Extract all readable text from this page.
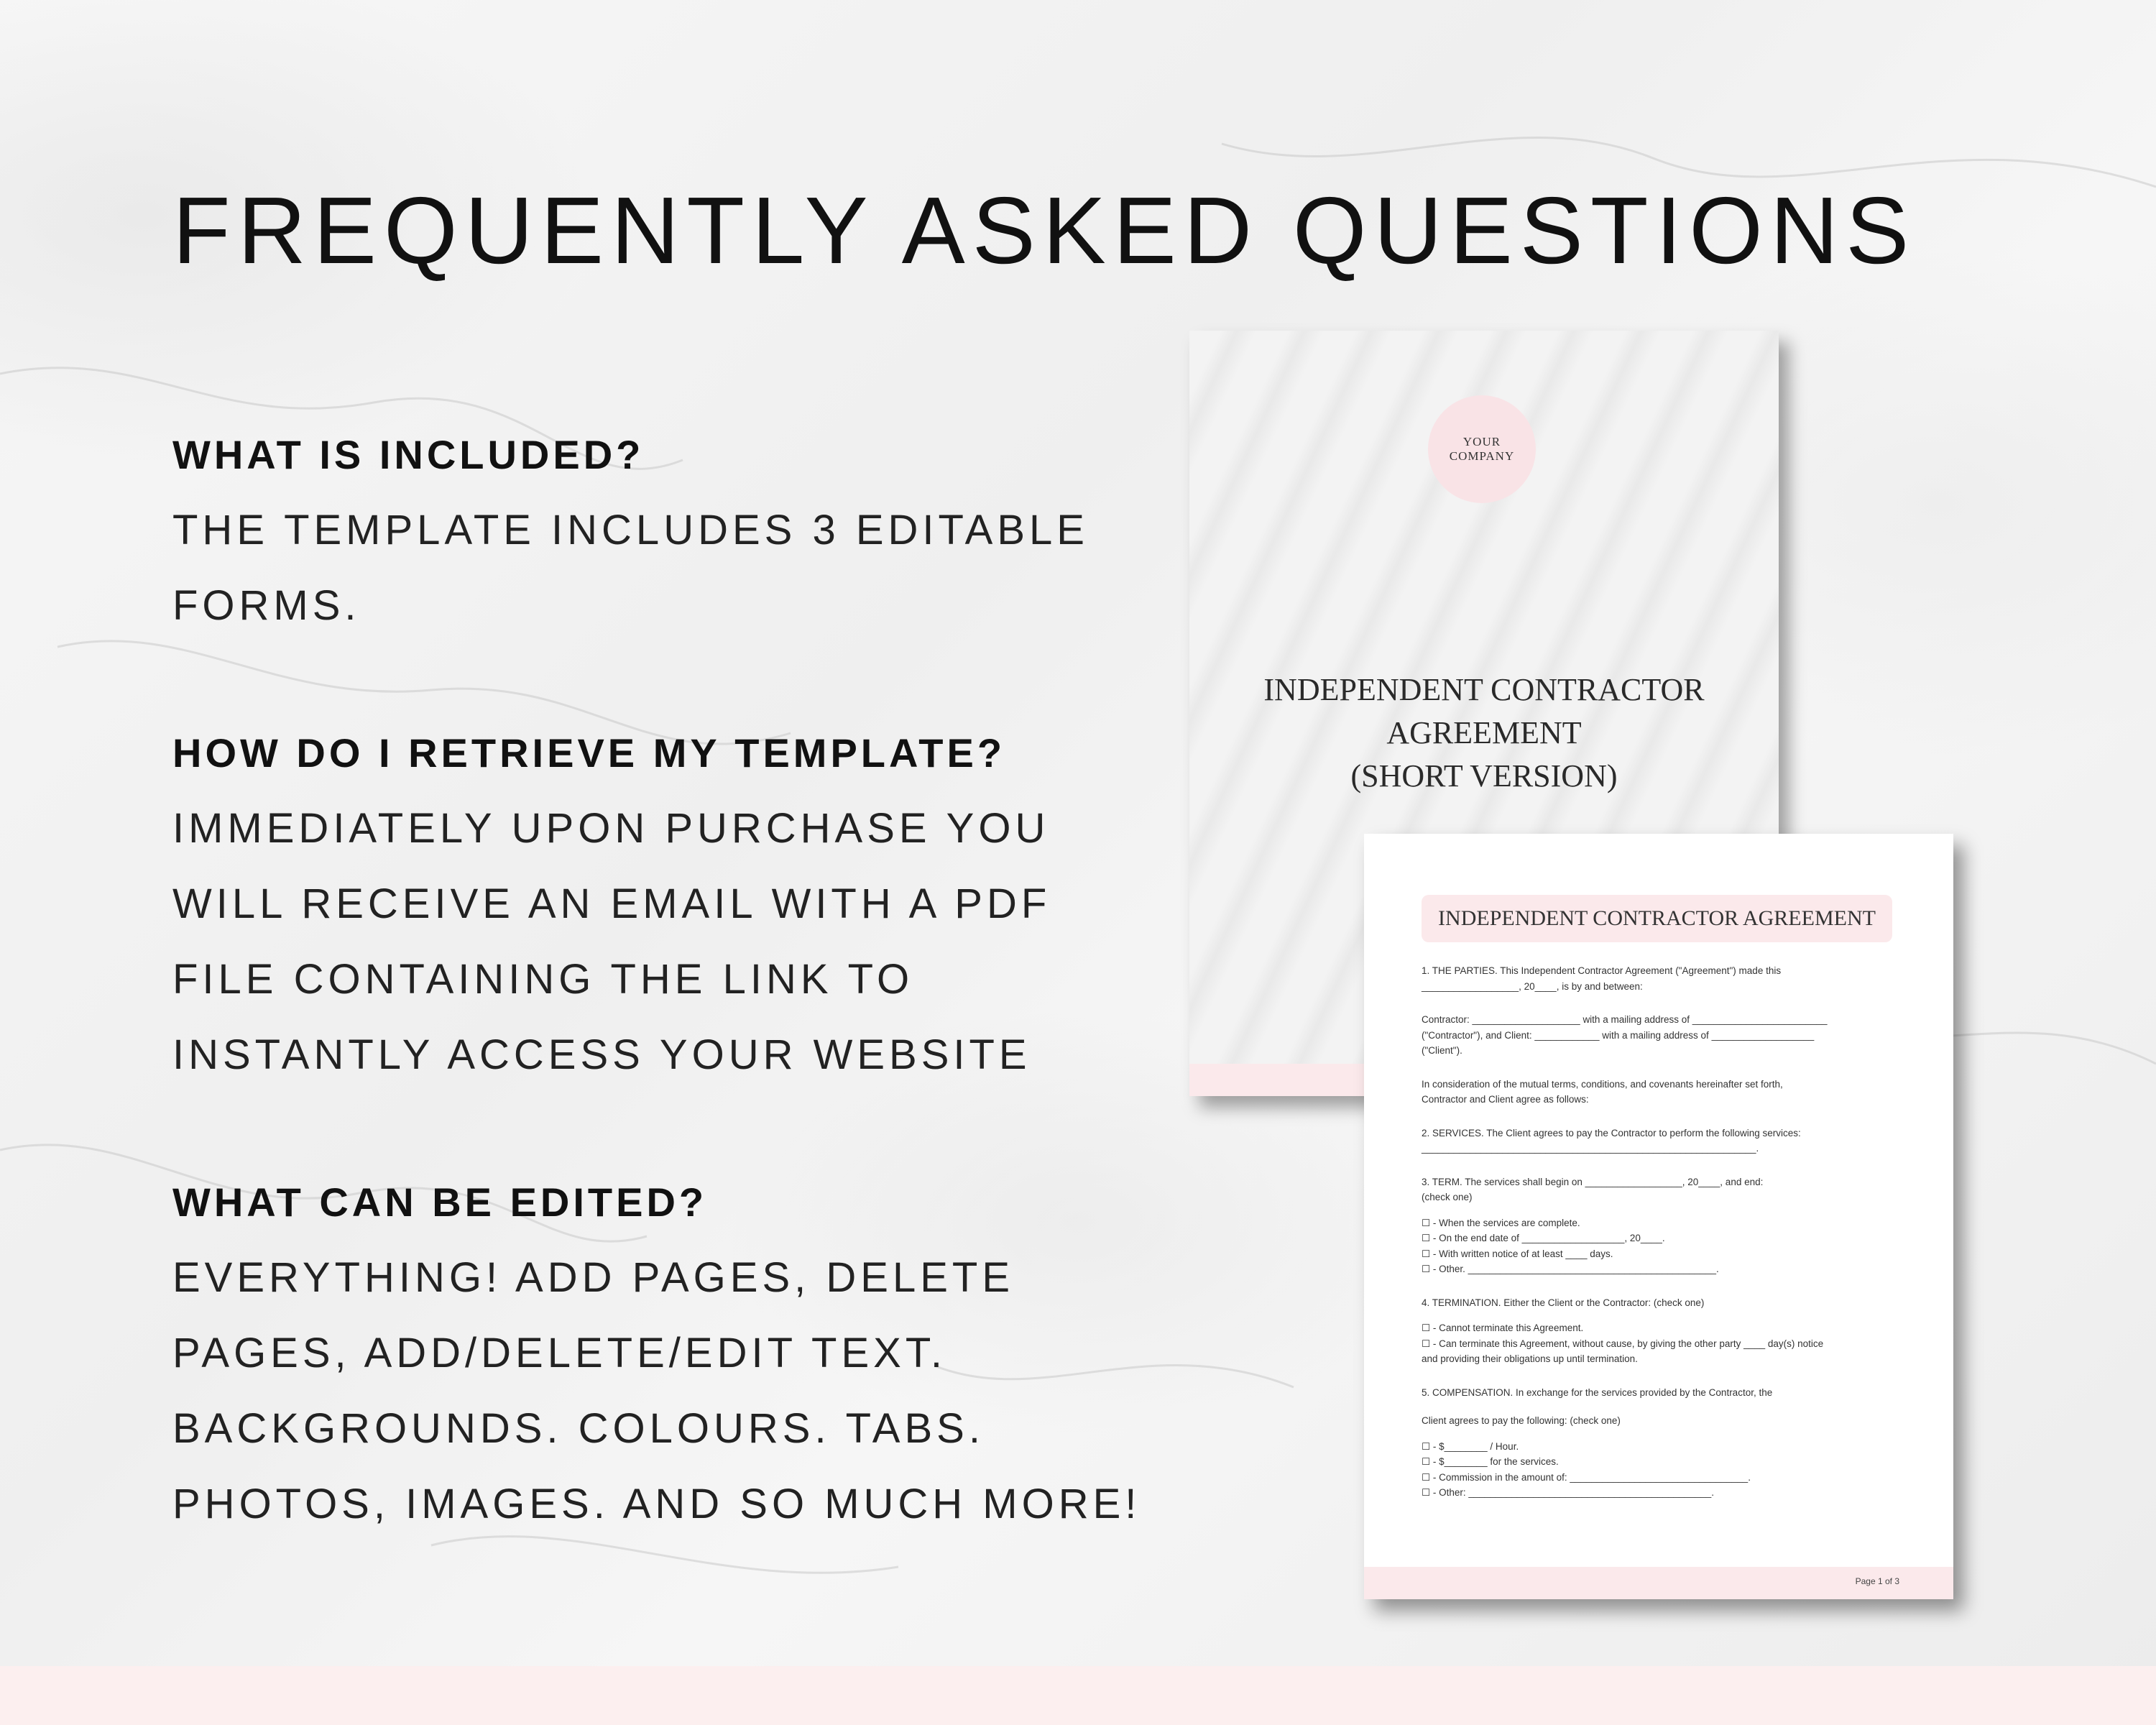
FREQUENTLY ASKED QUESTIONS

WHAT IS INCLUDED?

THE TEMPLATE INCLUDES 3 EDITABLE
FORMS.

HOW DO I RETRIEVE MY TEMPLATE?

IMMEDIATELY UPON PURCHASE YOU
WILL RECEIVE AN EMAIL WITH A PDF
FILE CONTAINING THE LINK TO
INSTANTLY ACCESS YOUR WEBSITE

WHAT CAN BE EDITED?

EVERYTHING! ADD PAGES, DELETE
PAGES, ADD/DELETE/EDIT TEXT.
BACKGROUNDS. COLOURS. TABS.
PHOTOS, IMAGES. AND SO MUCH MORE!

YOUR
COMPANY
INDEPENDENT CONTRACTOR
AGREEMENT
(SHORT VERSION)
INDEPENDENT CONTRACTOR AGREEMENT

1. THE PARTIES. This Independent Contractor Agreement ("Agreement") made this
__________________, 20____, is by and between:

Contractor: ____________________ with a mailing address of _________________________
("Contractor"), and Client: ____________ with a mailing address of ___________________
("Client").

In consideration of the mutual terms, conditions, and covenants hereinafter set forth,
Contractor and Client agree as follows:

2. SERVICES. The Client agrees to pay the Contractor to perform the following services:
______________________________________________________________.

3. TERM. The services shall begin on __________________, 20____, and end:
(check one)

☐ - When the services are complete.
☐ - On the end date of ___________________, 20____.
☐ - With written notice of at least ____ days.
☐ - Other. ______________________________________________.

4. TERMINATION. Either the Client or the Contractor: (check one)

☐ - Cannot terminate this Agreement.
☐ - Can terminate this Agreement, without cause, by giving the other party ____ day(s) notice
and providing their obligations up until termination.

5. COMPENSATION. In exchange for the services provided by the Contractor, the

Client agrees to pay the following: (check one)

☐ - $________ / Hour.
☐ - $________ for the services.
☐ - Commission in the amount of: _________________________________.
☐ - Other: _____________________________________________.

Page 1 of 3
